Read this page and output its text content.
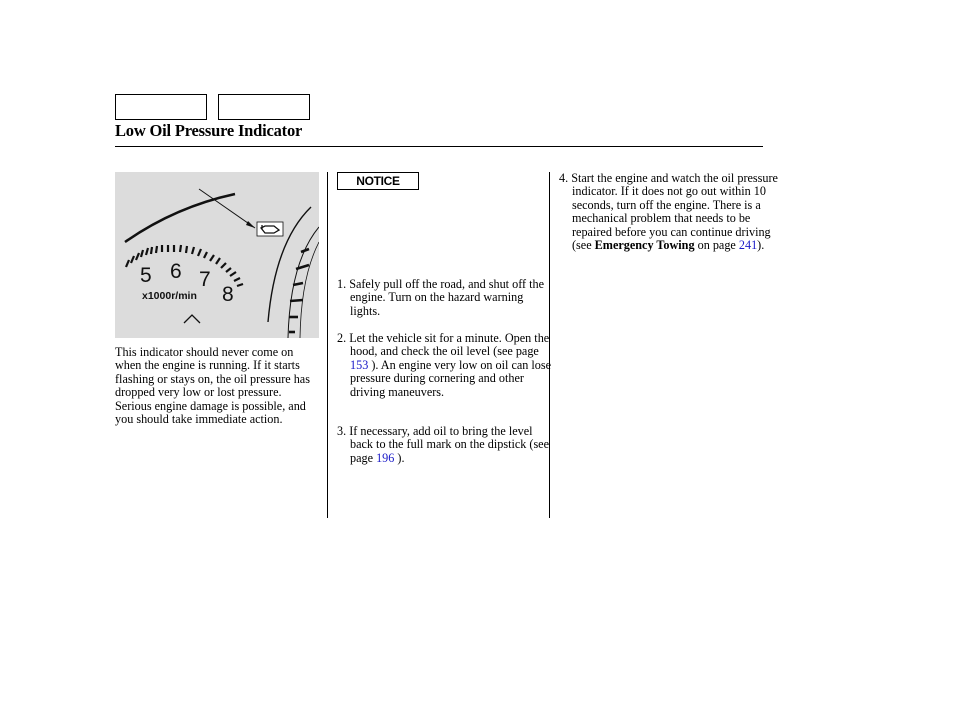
Low Oil Pressure Indicator
5 6 7
8
x1000r/min
This indicator should never come on when the engine is running. If it starts flashing or stays on, the oil pressure has dropped very low or lost pressure. Serious engine damage is possible, and you should take immediate action.
NOTICE
1. Safely pull off the road, and shut off the engine. Turn on the hazard warning lights.
2. Let the vehicle sit for a minute. Open the hood, and check the oil level (see page 153 ). An engine very low on oil can lose pressure during cornering and other driving maneuvers.
3. If necessary, add oil to bring the level back to the full mark on the dipstick (see page 196 ).
4. Start the engine and watch the oil pressure indicator. If it does not go out within 10 seconds, turn off the engine. There is a mechanical problem that needs to be repaired before you can continue driving (see Emergency Towing on page 241).
